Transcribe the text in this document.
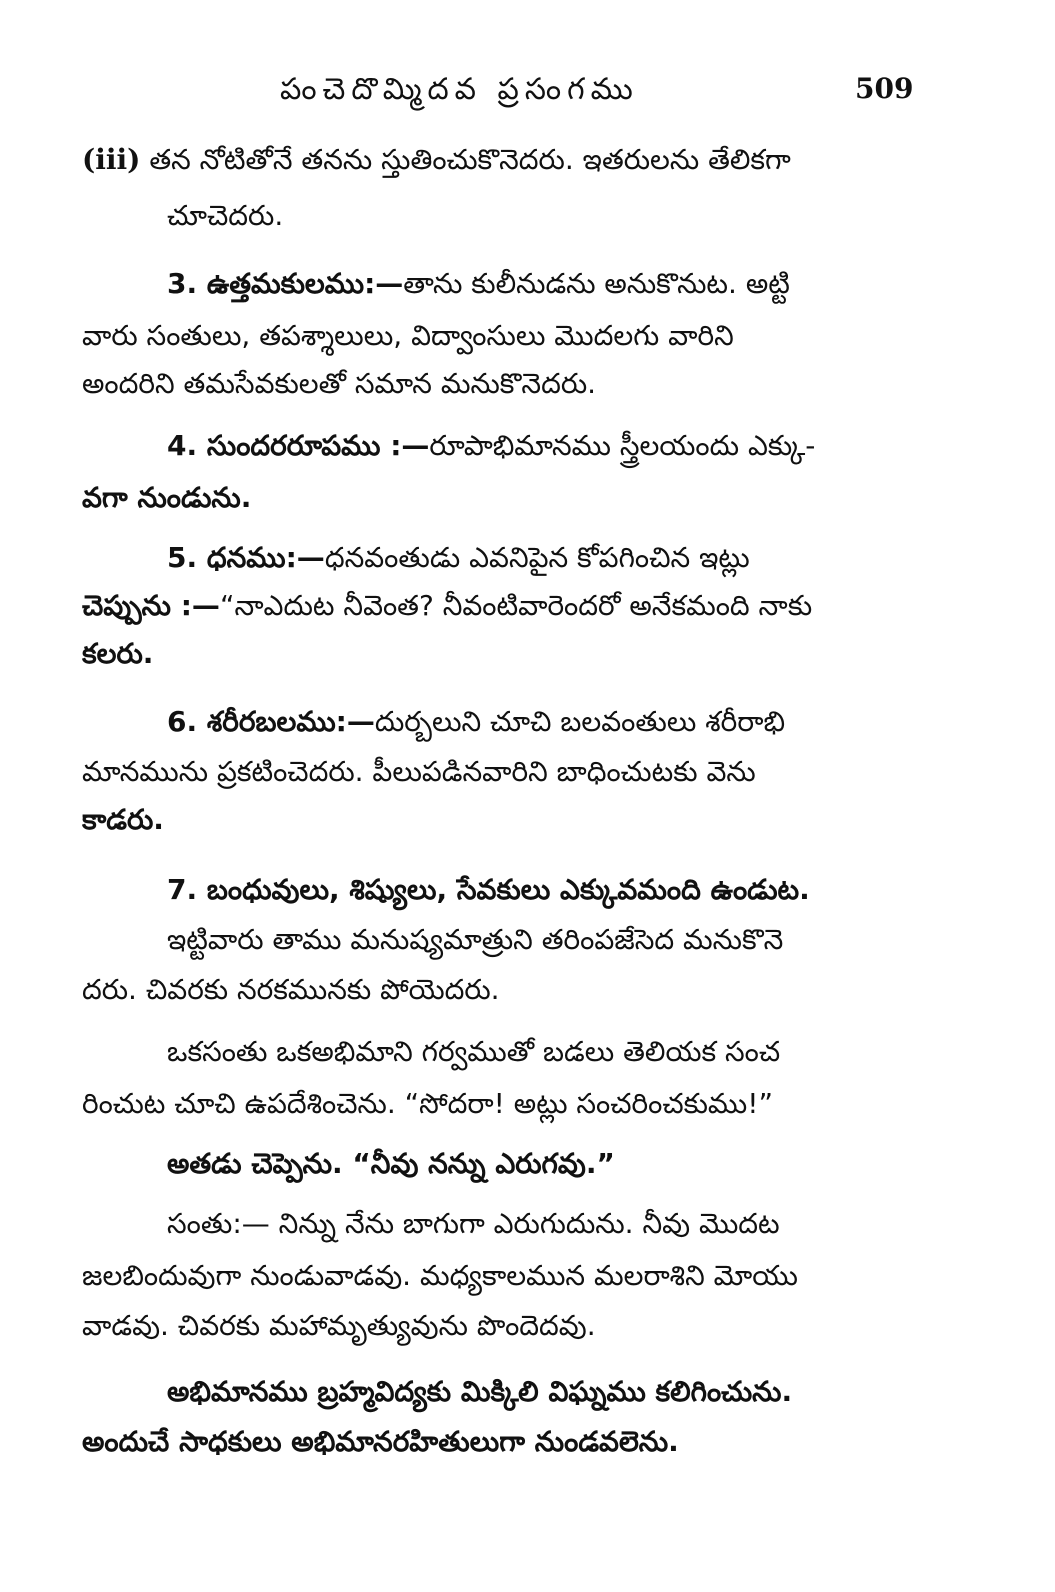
పంచెదొమ్మిదవ ప్రసంగము	509
(iii) తన నోటితోనే తనను స్తుతించుకొనెదరు. ఇతరులను తేలికగా
చూచెదరు.
3. ఉత్తమకులము:—తాను కులీనుడను అనుకొనుట. అట్టి
వారు సంతులు, తపశ్శాలులు, విద్వాంసులు మొదలగు వారిని
అందరిని తమసేవకులతో సమాన మనుకొనెదరు.
4. సుందరరూపము :—రూపాభిమానము స్త్రీలయందు ఎక్కు-
వగా నుండును.
5. ధనము:—ధనవంతుడు ఎవనిపైన కోపగించిన ఇట్లు
చెప్పును :—“నాఎదుట నీవెంత? నీవంటివారెందరో అనేకమంది నాకు
కలరు.
6. శరీరబలము:—దుర్బలుని చూచి బలవంతులు శరీరాభి
మానమును ప్రకటించెదరు. పీలుపడినవారిని బాధించుటకు వెను
కాడరు.
7. బంధువులు, శిష్యులు, సేవకులు ఎక్కువమంది ఉండుట.
ఇట్టివారు తాము మనుష్యమాత్రుని తరింపజేసెద మనుకొనె
దరు. చివరకు నరకమునకు పోయెదరు.
ఒకసంతు ఒకఅభిమాని గర్వముతో బడలు తెలియక సంచ
రించుట చూచి ఉపదేశించెను. “సోదరా! అట్లు సంచరించకుము!”
అతడు చెప్పెను. “నీవు నన్ను ఎరుగవు.”
సంతు:— నిన్ను నేను బాగుగా ఎరుగుదును. నీవు మొదట
జలబిందువుగా నుండువాడవు. మధ్యకాలమున మలరాశిని మోయు
వాడవు. చివరకు మహామృత్యువును పొందెదవు.
అభిమానము బ్రహ్మవిద్యకు మిక్కిలి విఘ్నము కలిగించును.
అందుచే సాధకులు అభిమానరహితులుగా నుండవలెను.
